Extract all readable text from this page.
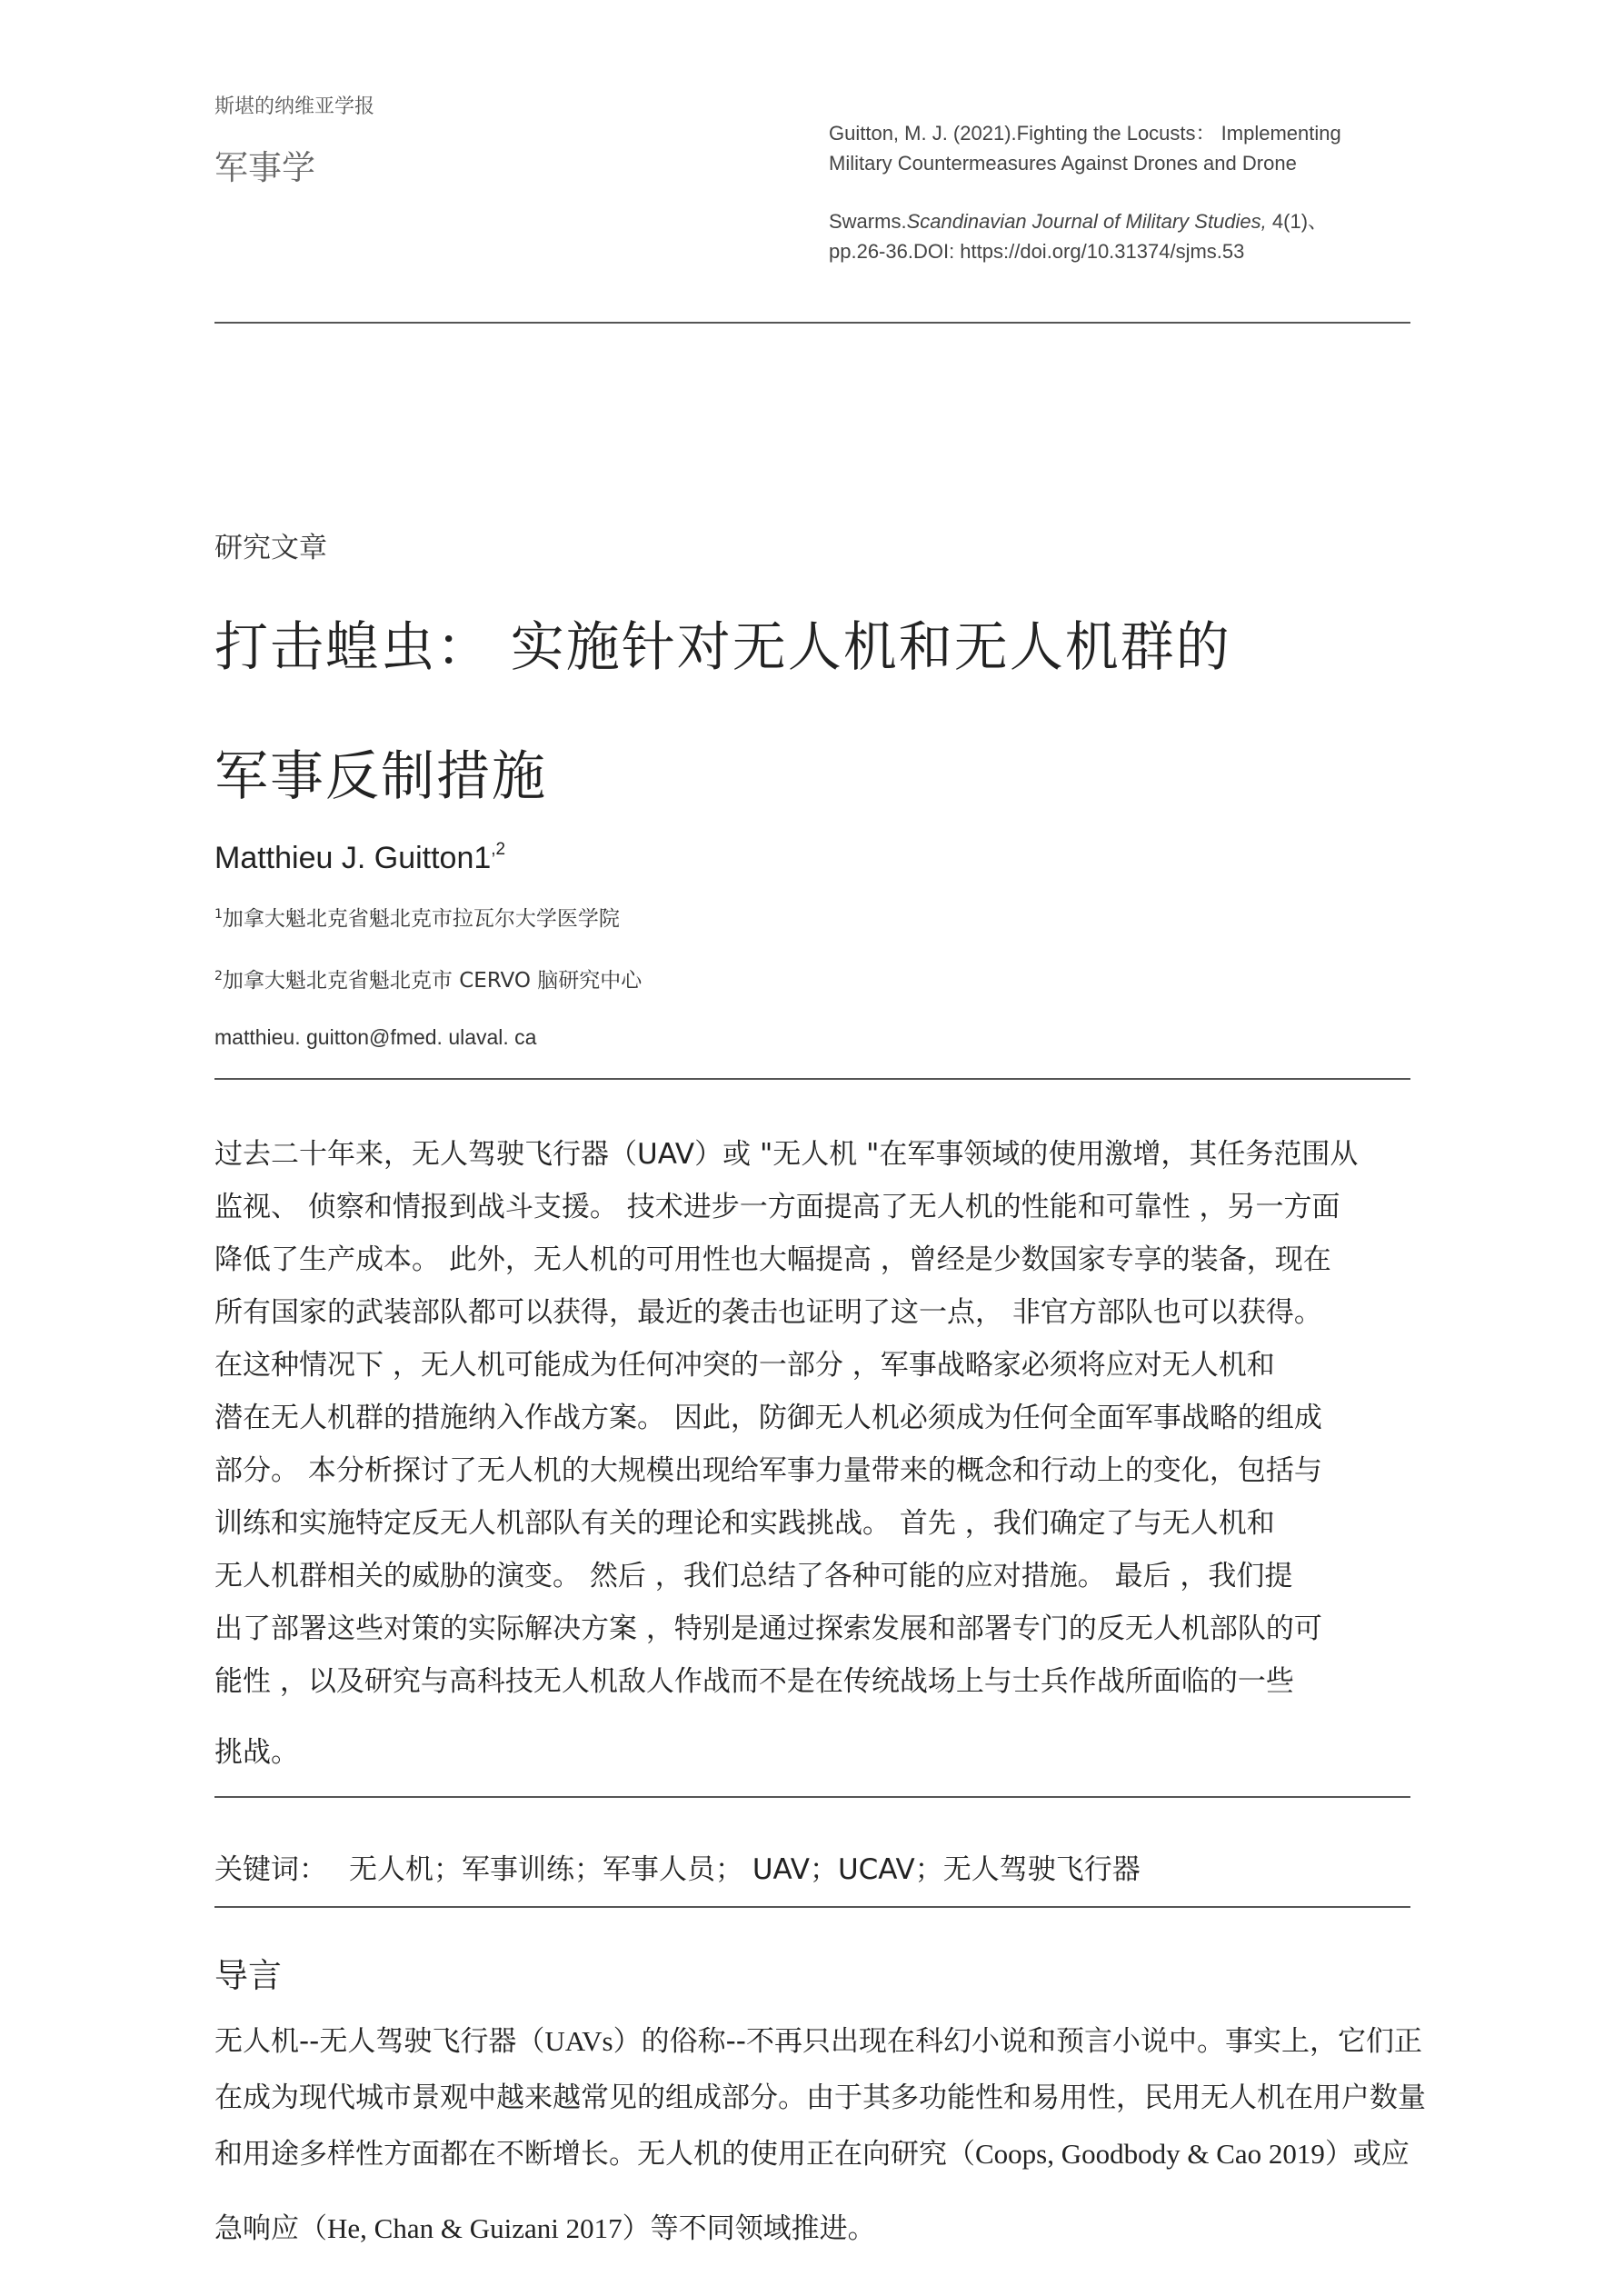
斯堪的纳维亚学报
军事学

Guitton, M. J. (2021).Fighting the Locusts： Implementing

Military Countermeasures Against Drones and Drone

Swarms.Scandinavian Journal of Military Studies, 4(1)、

pp.26-36.DOI: https://doi.org/10.31374/sjms.53

研究文章
打击蝗虫： 实施针对无人机和无人机群的
军事反制措施
Matthieu J. $Guitton1^{,2}$
$^1$加拿大魁北克省魁北克市拉瓦尔大学医学院
$^2$加拿大魁北克省魁北克市 CERVO 脑研究中心
matthieu. guitton@fmed. ulaval. ca
过去二十年来，无人驾驶飞行器（UAV）或 "无人机 "在军事领域的使用激增，其任务范围从
监视、 侦察和情报到战斗支援。 技术进步一方面提高了无人机的性能和可靠性 ，另一方面
降低了生产成本。 此外，无人机的可用性也大幅提高 ，曾经是少数国家专享的装备，现在
所有国家的武装部队都可以获得，最近的袭击也证明了这一点， 非官方部队也可以获得。
在这种情况下 ，无人机可能成为任何冲突的一部分 ，军事战略家必须将应对无人机和
潜在无人机群的措施纳入作战方案。 因此，防御无人机必须成为任何全面军事战略的组成
部分。 本分析探讨了无人机的大规模出现给军事力量带来的概念和行动上的变化，包括与
训练和实施特定反无人机部队有关的理论和实践挑战。 首先 ，我们确定了与无人机和
无人机群相关的威胁的演变。 然后 ，我们总结了各种可能的应对措施。 最后 ，我们提
出了部署这些对策的实际解决方案 ，特别是通过探索发展和部署专门的反无人机部队的可
能性 ，以及研究与高科技无人机敌人作战而不是在传统战场上与士兵作战所面临的一些
挑战。
关键词： 无人机；军事训练；军事人员； UAV；UCAV；无人驾驶飞行器
导言
无人机--无人驾驶飞行器（UAVs）的俗称--不再只出现在科幻小说和预言小说中。事实上，它们正
在成为现代城市景观中越来越常见的组成部分。由于其多功能性和易用性，民用无人机在用户数量
和用途多样性方面都在不断增长。无人机的使用正在向研究（Coops, Goodbody & Cao 2019）或应
急响应（He, Chan & Guizani 2017）等不同领域推进。
